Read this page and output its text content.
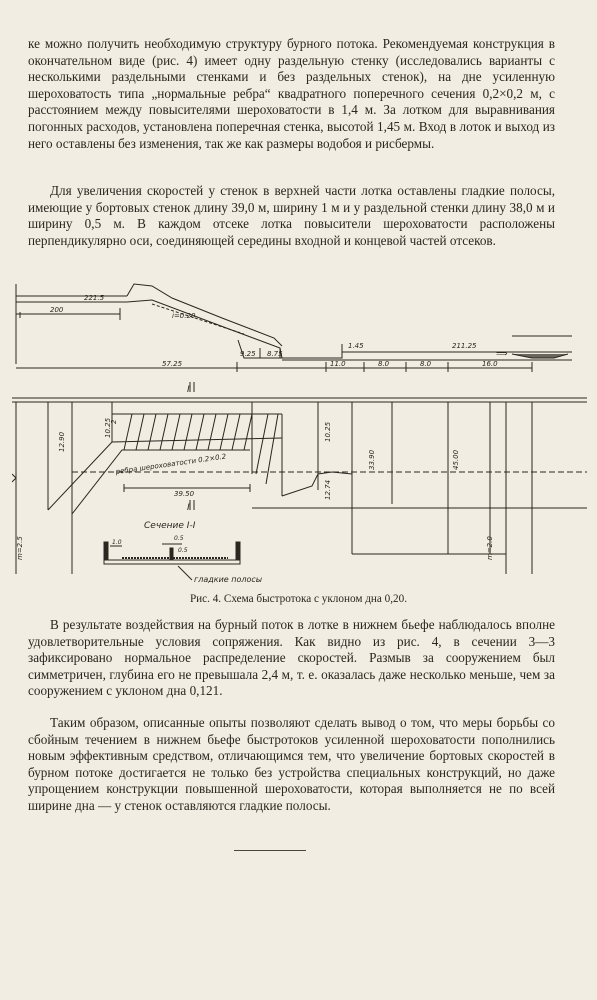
ке можно получить необходимую структуру бурного потока. Рекомендуемая конструкция в окончательном виде (рис. 4) имеет одну раздельную стенку (исследовались варианты с несколькими раздельными стенками и без раздельных стенок), на дне усиленную шероховатость типа „нормальные ребра“ квадратного поперечного сечения 0,2×0,2 м, с расстоянием между повысителями шероховатости в 1,4 м. За лотком для выравнивания погонных расходов, установлена поперечная стенка, высотой 1,45 м. Вход в лоток и выход из него оставлены без изменения, так же как размеры водобоя и рисбермы.

Для увеличения скоростей у стенок в верхней части лотка оставлены гладкие полосы, имеющие у бортовых стенок длину 39,0 м, ширину 1 м и у раздельной стенки длину 38,0 м и ширину 0,5 м. В каждом отсеке лотка повысители шероховатости расположены перпендикулярно оси, соединяющей середины входной и концевой частей отсеков.

221.5
200
i=0.20
9.25 8.75
1.45	211.25
57.25	11.0	8.0	8.0	16.0
I
I
12.90
10.25
2
10.25
12.74
33.90	45.00
ребра шероховатости 0.2×0.2
39.50
Сечение I-I
m=2.5	m=2.0
1.0
0.5
0.5
гладкие полосы
⟹
Рис. 4. Схема быстротока с уклоном дна 0,20.

В результате воздействия на бурный поток в лотке в нижнем бьефе наблюдалось вполне удовлетворительные условия сопряжения. Как видно из рис. 4, в сечении 3—3 зафиксировано нормальное распределение скоростей. Размыв за сооружением был симметричен, глубина его не превышала 2,4 м, т. е. оказалась даже несколько меньше, чем за сооружением с уклоном дна 0,121.

Таким образом, описанные опыты позволяют сделать вывод о том, что меры борьбы со сбойным течением в нижнем бьефе быстротоков усиленной шероховатости пополнились новым эффективным средством, отличающимся тем, что увеличение бортовых скоростей в бурном потоке достигается не только без устройства специальных конструкций, но даже упрощением конструкции повышенной шероховатости, которая выполняется не по всей ширине дна — у стенок оставляются гладкие полосы.
